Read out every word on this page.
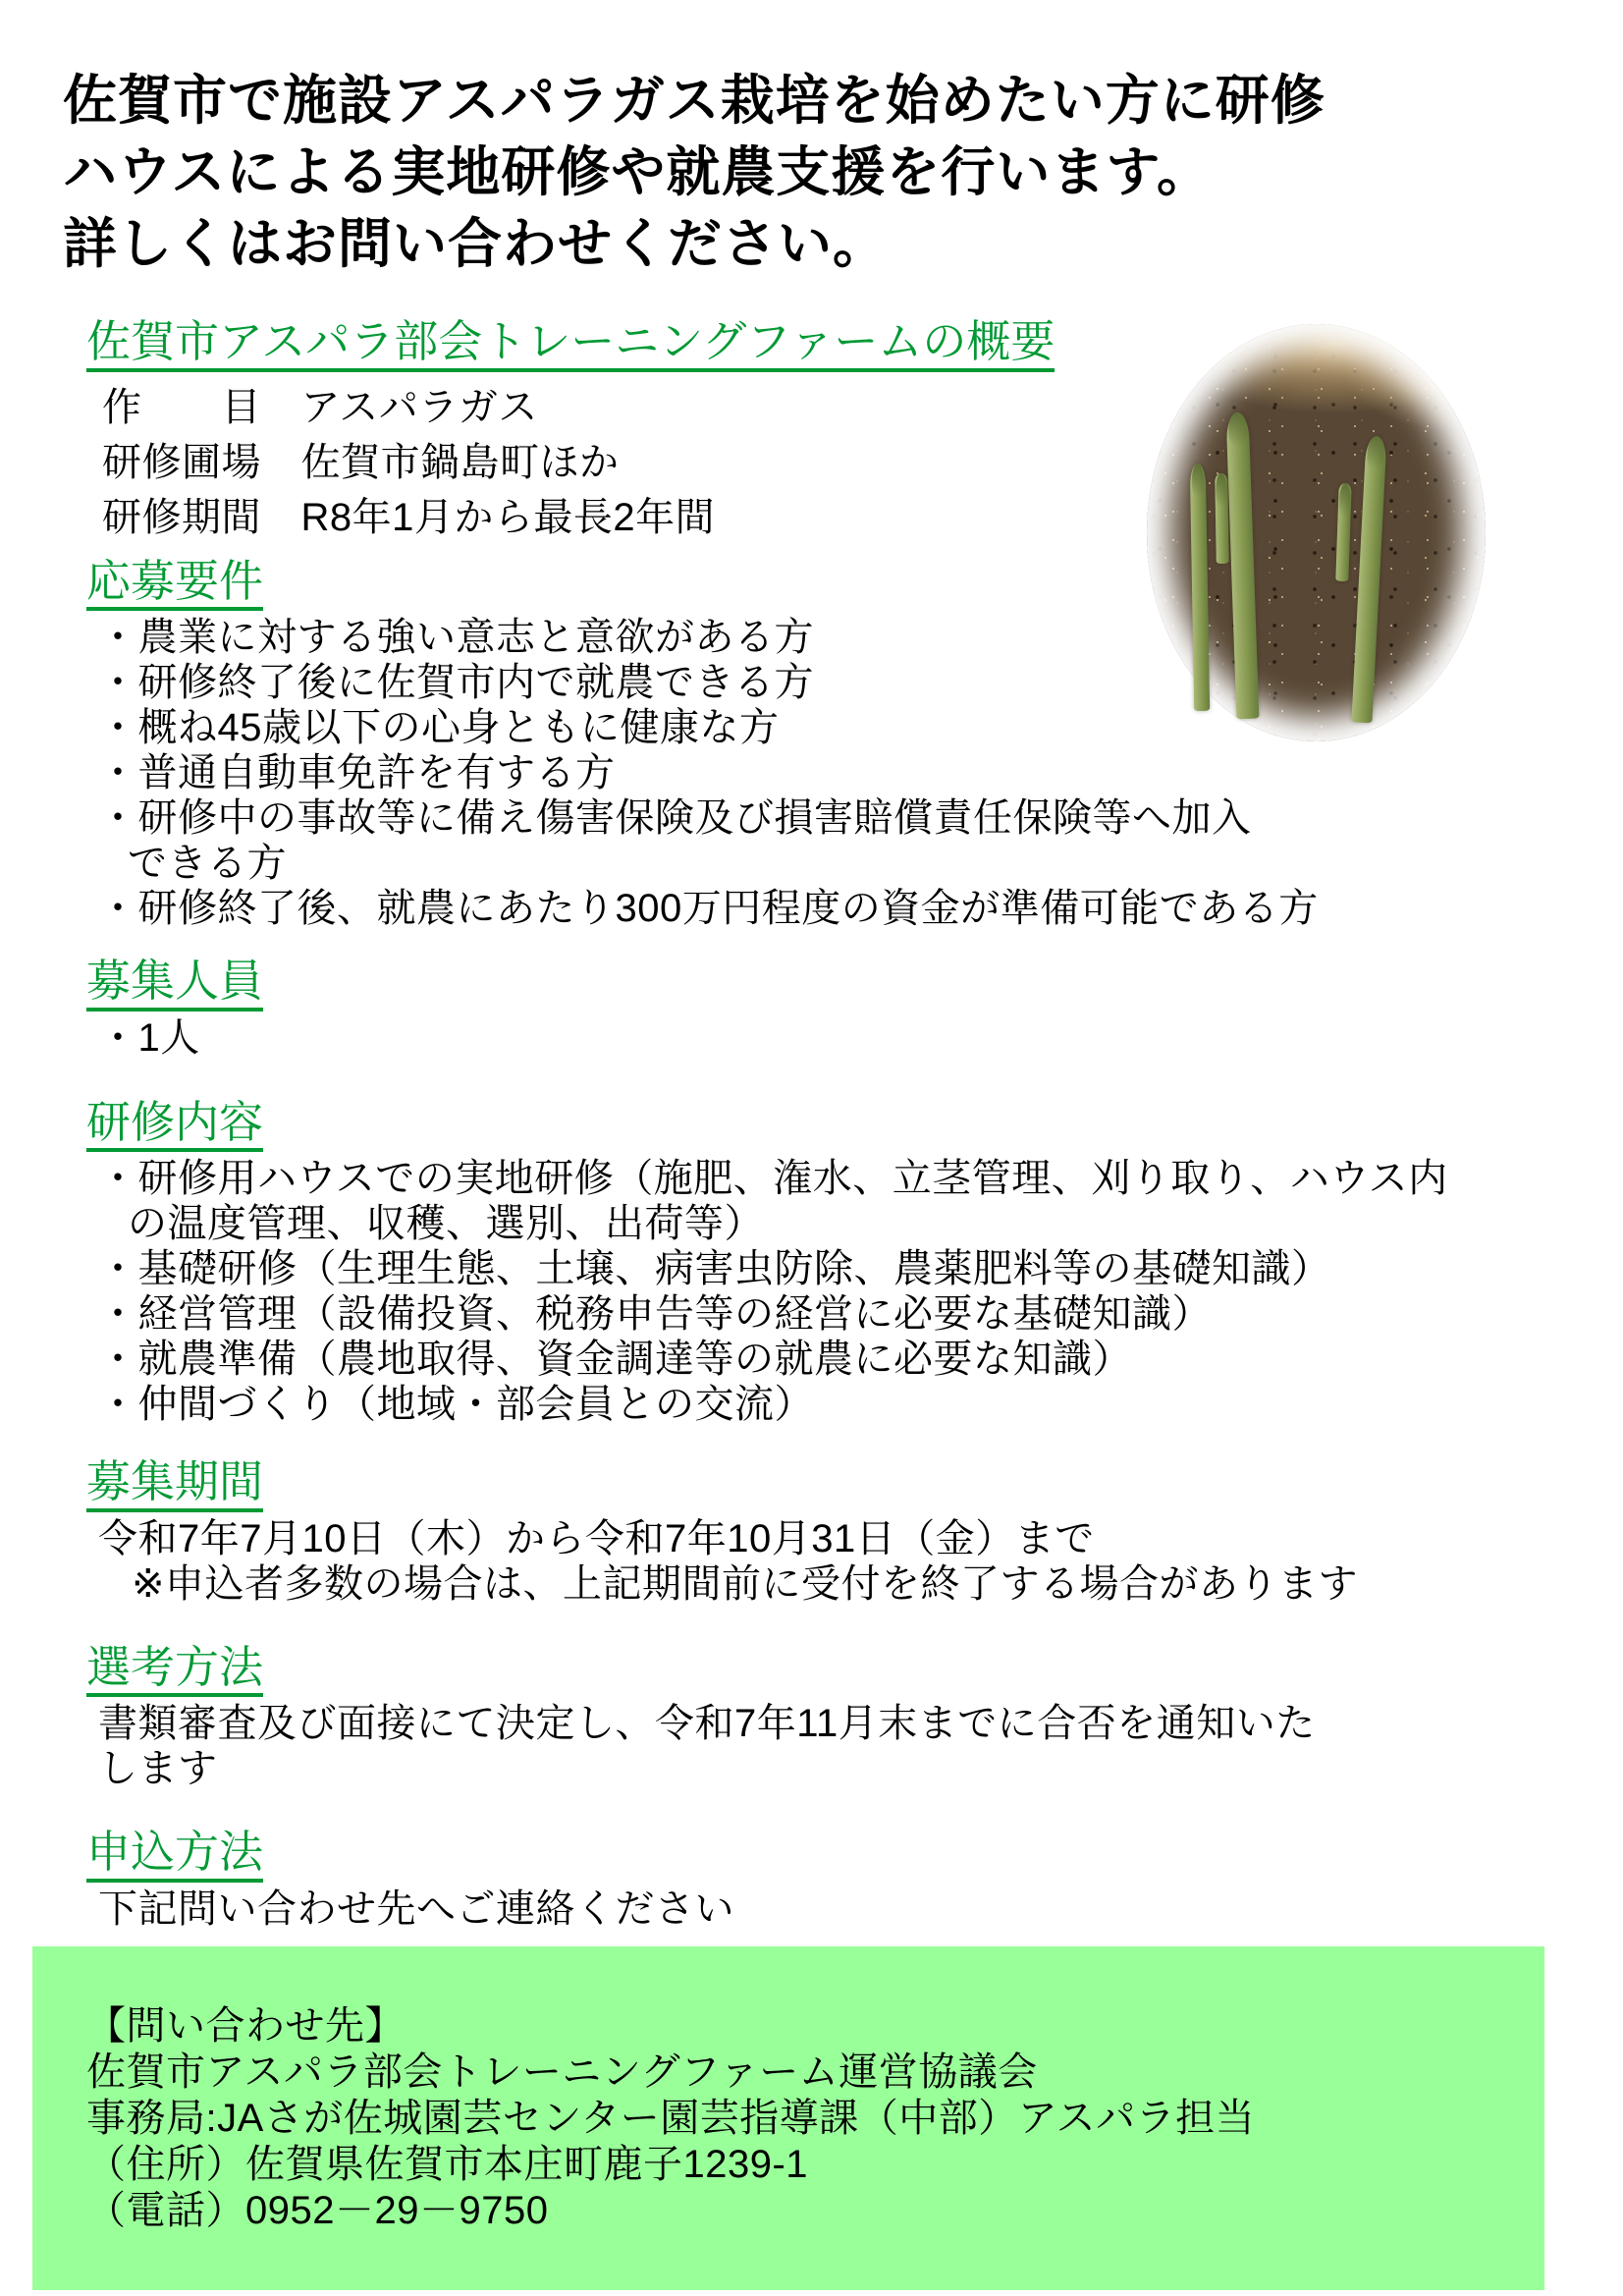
佐賀市で施設アスパラガス栽培を始めたい方に研修
ハウスによる実地研修や就農支援を行います。
詳しくはお問い合わせください。
佐賀市アスパラ部会トレーニングファームの概要
作　　目　アスパラガス
研修圃場　佐賀市鍋島町ほか
研修期間　R8年1月から最長2年間
応募要件
・農業に対する強い意志と意欲がある方
・研修終了後に佐賀市内で就農できる方
・概ね45歳以下の心身ともに健康な方
・普通自動車免許を有する方
・研修中の事故等に備え傷害保険及び損害賠償責任保険等へ加入
できる方
・研修終了後、就農にあたり300万円程度の資金が準備可能である方
募集人員
・1人
研修内容
・研修用ハウスでの実地研修（施肥、潅水、立茎管理、刈り取り、ハウス内
の温度管理、収穫、選別、出荷等）
・基礎研修（生理生態、土壌、病害虫防除、農薬肥料等の基礎知識）
・経営管理（設備投資、税務申告等の経営に必要な基礎知識）
・就農準備（農地取得、資金調達等の就農に必要な知識）
・仲間づくり（地域・部会員との交流）
募集期間
令和7年7月10日（木）から令和7年10月31日（金）まで
※申込者多数の場合は、上記期間前に受付を終了する場合があります
選考方法
書類審査及び面接にて決定し、令和7年11月末までに合否を通知いた
します
申込方法
下記問い合わせ先へご連絡ください
【問い合わせ先】
佐賀市アスパラ部会トレーニングファーム運営協議会
事務局:JAさが佐城園芸センター園芸指導課（中部）アスパラ担当
（住所）佐賀県佐賀市本庄町鹿子1239-1
（電話）0952－29－9750
